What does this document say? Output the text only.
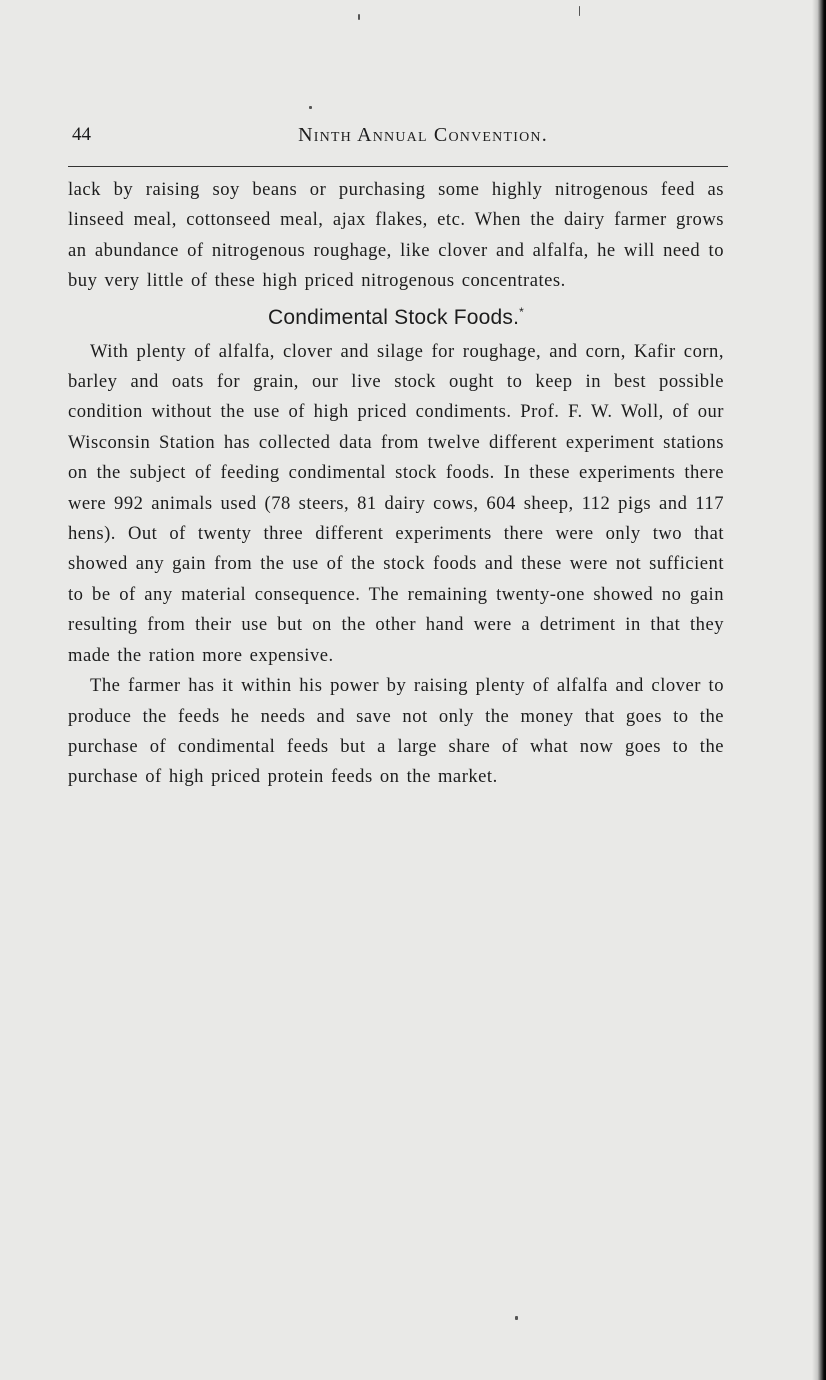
44	Ninth Annual Convention.

lack by raising soy beans or purchasing some highly nitrogenous feed as linseed meal, cottonseed meal, ajax flakes, etc. When the dairy farmer grows an abundance of nitrogenous roughage, like clover and alfalfa, he will need to buy very little of these high priced nitrogenous concentrates.

Condimental Stock Foods.*

With plenty of alfalfa, clover and silage for roughage, and corn, Kafir corn, barley and oats for grain, our live stock ought to keep in best possible condition without the use of high priced condiments. Prof. F. W. Woll, of our Wisconsin Station has collected data from twelve different experiment stations on the subject of feeding condimental stock foods. In these experiments there were 992 animals used (78 steers, 81 dairy cows, 604 sheep, 112 pigs and 117 hens). Out of twenty three different experiments there were only two that showed any gain from the use of the stock foods and these were not sufficient to be of any material consequence. The remaining twenty-one showed no gain resulting from their use but on the other hand were a detriment in that they made the ration more expensive.

The farmer has it within his power by raising plenty of alfalfa and clover to produce the feeds he needs and save not only the money that goes to the purchase of condimental feeds but a large share of what now goes to the purchase of high priced protein feeds on the market.
